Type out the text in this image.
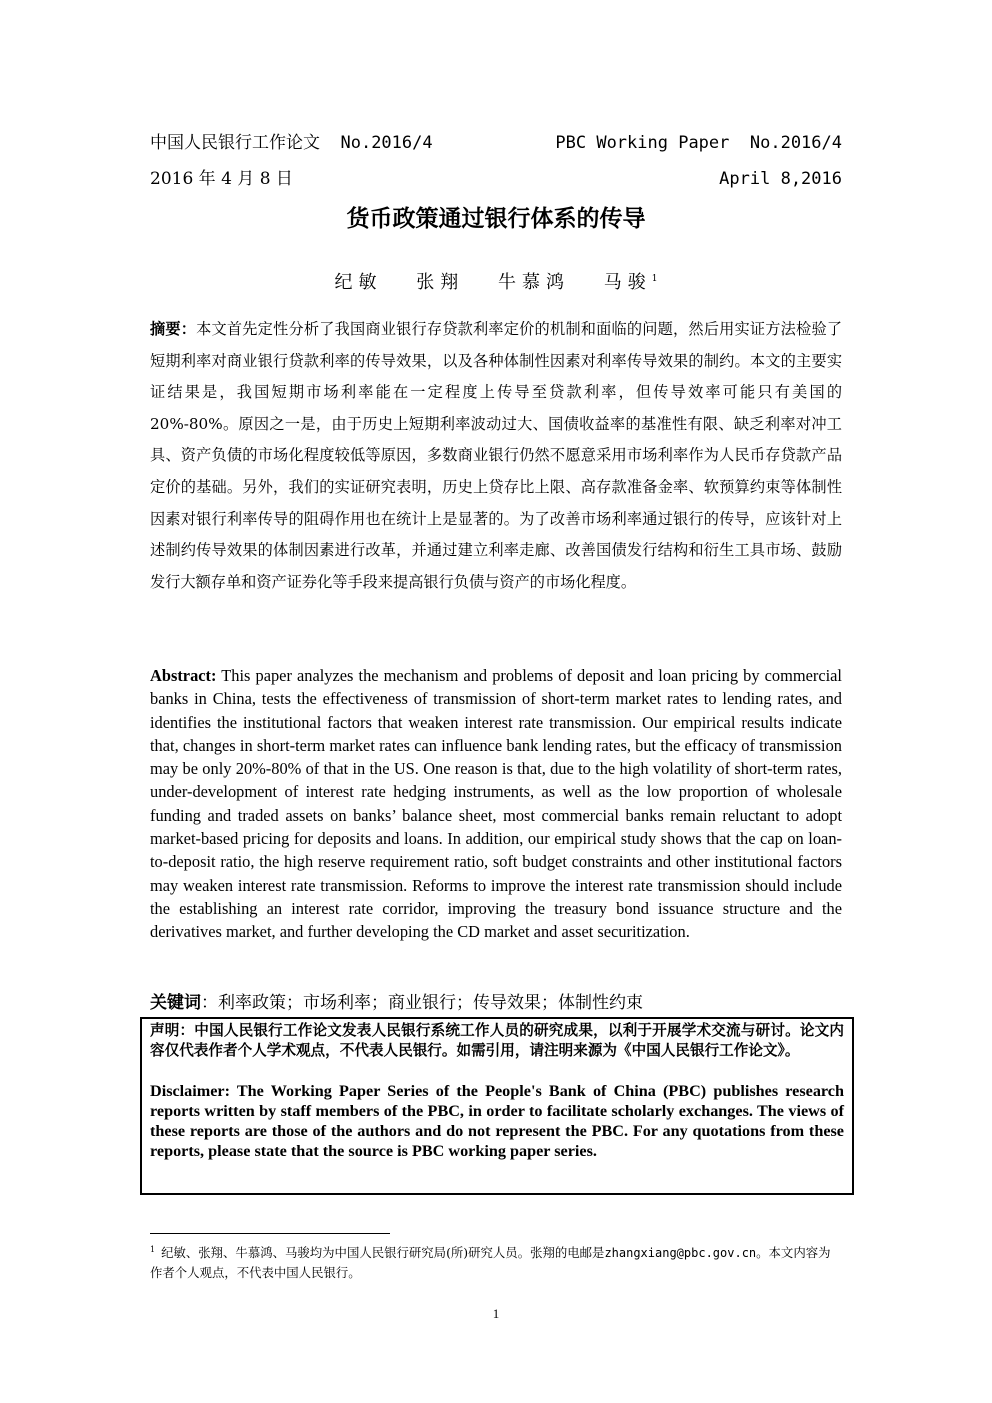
中国人民银行工作论文 No.2016/4	PBC Working Paper No.2016/4
2016 年 4 月 8 日	April 8,2016
货币政策通过银行体系的传导
纪敏 张翔 牛慕鸿 马骏$^1$
摘要：本文首先定性分析了我国商业银行存贷款利率定价的机制和面临的问题，然后用实证方法检验了短期利率对商业银行贷款利率的传导效果，以及各种体制性因素对利率传导效果的制约。本文的主要实证结果是，我国短期市场利率能在一定程度上传导至贷款利率，但传导效率可能只有美国的 20%-80%。原因之一是，由于历史上短期利率波动过大、国债收益率的基准性有限、缺乏利率对冲工具、资产负债的市场化程度较低等原因，多数商业银行仍然不愿意采用市场利率作为人民币存贷款产品定价的基础。另外，我们的实证研究表明，历史上贷存比上限、高存款准备金率、软预算约束等体制性因素对银行利率传导的阻碍作用也在统计上是显著的。为了改善市场利率通过银行的传导，应该针对上述制约传导效果的体制因素进行改革，并通过建立利率走廊、改善国债发行结构和衍生工具市场、鼓励发行大额存单和资产证券化等手段来提高银行负债与资产的市场化程度。
Abstract: This paper analyzes the mechanism and problems of deposit and loan pricing by commercial banks in China, tests the effectiveness of transmission of short-term market rates to lending rates, and identifies the institutional factors that weaken interest rate transmission. Our empirical results indicate that, changes in short-term market rates can influence bank lending rates, but the efficacy of transmission may be only 20%-80% of that in the US. One reason is that, due to the high volatility of short-term rates, under-development of interest rate hedging instruments, as well as the low proportion of wholesale funding and traded assets on banks’ balance sheet, most commercial banks remain reluctant to adopt market-based pricing for deposits and loans. In addition, our empirical study shows that the cap on loan-to-deposit ratio, the high reserve requirement ratio, soft budget constraints and other institutional factors may weaken interest rate transmission. Reforms to improve the interest rate transmission should include the establishing an interest rate corridor, improving the treasury bond issuance structure and the derivatives market, and further developing the CD market and asset securitization.
关键词：利率政策；市场利率；商业银行；传导效果；体制性约束

声明：中国人民银行工作论文发表人民银行系统工作人员的研究成果，以利于开展学术交流与研讨。论文内容仅代表作者个人学术观点，不代表人民银行。如需引用，请注明来源为《中国人民银行工作论文》。

Disclaimer: The Working Paper Series of the People's Bank of China (PBC) publishes research reports written by staff members of the PBC, in order to facilitate scholarly exchanges. The views of these reports are those of the authors and do not represent the PBC. For any quotations from these reports, please state that the source is PBC working paper series.

$^1$ 纪敏、张翔、牛慕鸿、马骏均为中国人民银行研究局(所)研究人员。张翔的电邮是zhangxiang@pbc.gov.cn。本文内容为作者个人观点，不代表中国人民银行。
1
